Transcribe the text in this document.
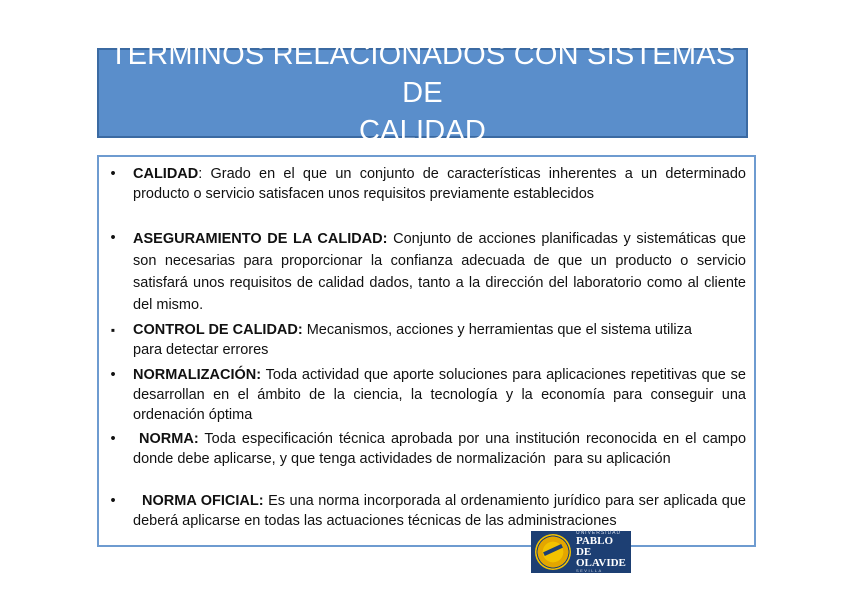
TÉRMINOS RELACIONADOS CON SISTEMAS DE
CALIDAD
• CALIDAD: Grado en el que un conjunto de características inherentes a un determinado producto o servicio satisfacen unos requisitos previamente establecidos
• ASEGURAMIENTO DE LA CALIDAD: Conjunto de acciones planificadas y sistemáticas que son necesarias para proporcionar la confianza adecuada de que un producto o servicio satisfará unos requisitos de calidad dados, tanto a la dirección del laboratorio como al cliente del mismo.
▪ CONTROL DE CALIDAD: Mecanismos, acciones y herramientas que el sistema utiliza para detectar errores
• NORMALIZACIÓN: Toda actividad que aporte soluciones para aplicaciones repetitivas que se desarrollan en el ámbito de la ciencia, la tecnología y la economía para conseguir una ordenación óptima
• NORMA: Toda especificación técnica aprobada por una institución reconocida en el campo donde debe aplicarse, y que tenga actividades de normalización  para su aplicación
• NORMA OFICIAL: Es una norma incorporada al ordenamiento jurídico para ser aplicada que deberá aplicarse en todas las actuaciones técnicas de las administraciones
UNIVERSIDAD
PABLO DE
OLAVIDE
SEVILLA
